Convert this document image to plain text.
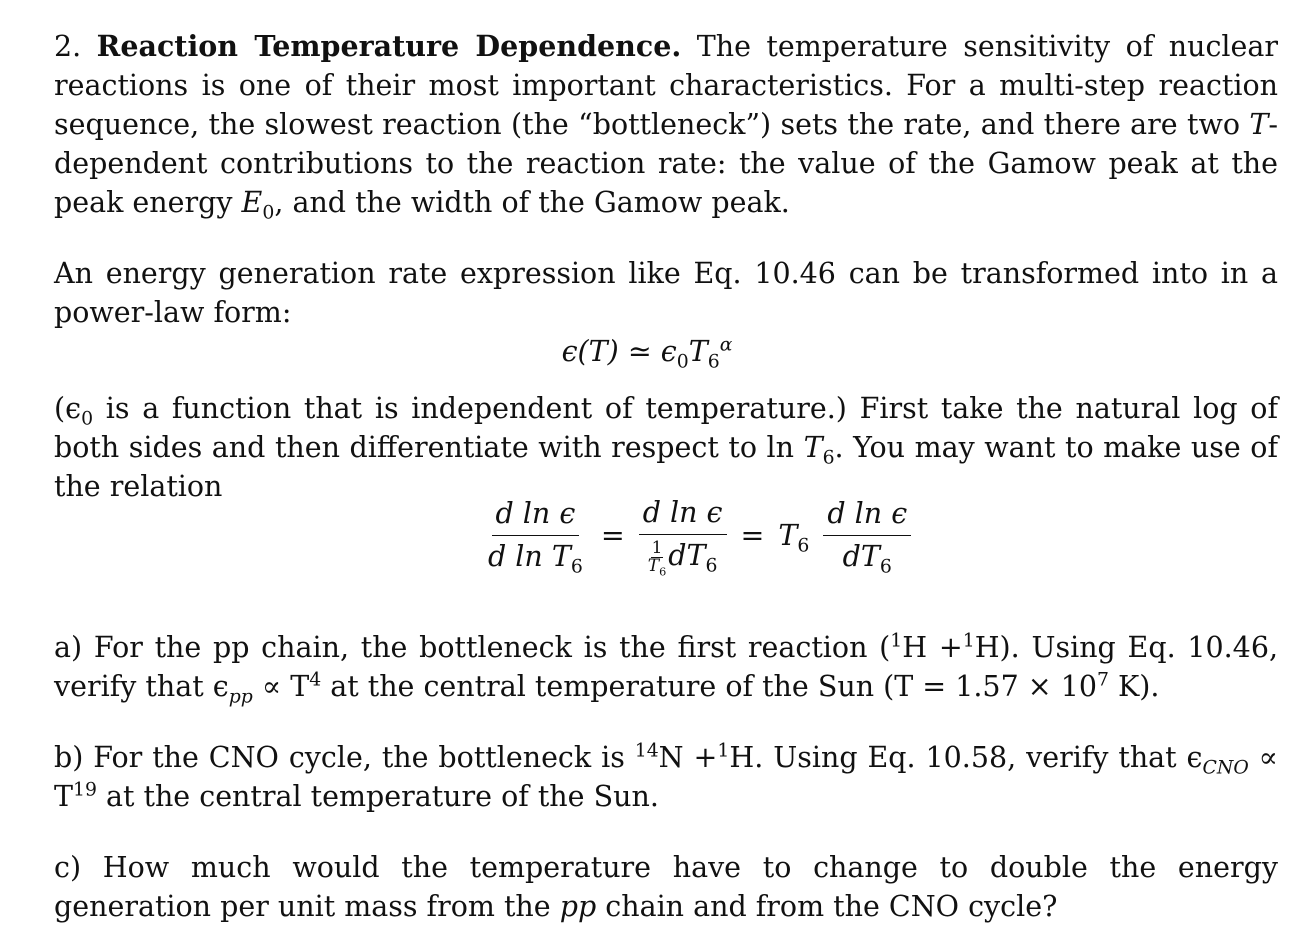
2. Reaction Temperature Dependence. The temperature sensitivity of nuclear reactions is one of their most important characteristics. For a multi-step reaction sequence, the slowest reaction (the “bottleneck”) sets the rate, and there are two T-dependent contributions to the reaction rate: the value of the Gamow peak at the peak energy $E_0$, and the width of the Gamow peak.

An energy generation rate expression like Eq. 10.46 can be transformed into in a power-law form:

ϵ(T) ≃ $\epsilon_0T_6^\alpha$

($\epsilon_0$ is a function that is independent of temperature.) First take the natural log of both sides and then differentiate with respect to $\ln T_6$. You may want to make use of the relation

$\frac{\text{d ln ϵ}}{d \ln T_6} = \frac{\text{d ln ϵ}}{\frac{1}{T_6} dT_6} = T_6 \frac{\text{d ln ϵ}}{dT_6}$

a) For the pp chain, the bottleneck is the first reaction ($^1$H +$^1$H). Using Eq. 10.46, verify that $\epsilon_{pp} \propto T^4$ at the central temperature of the Sun ($T = 1.57 \times 10^7$ K).

b) For the CNO cycle, the bottleneck is $^{14}$N +$^1$H. Using Eq. 10.58, verify that $\epsilon_{CNO} \propto T^{19}$ at the central temperature of the Sun.

c) How much would the temperature have to change to double the energy generation per unit mass from the pp chain and from the CNO cycle?
